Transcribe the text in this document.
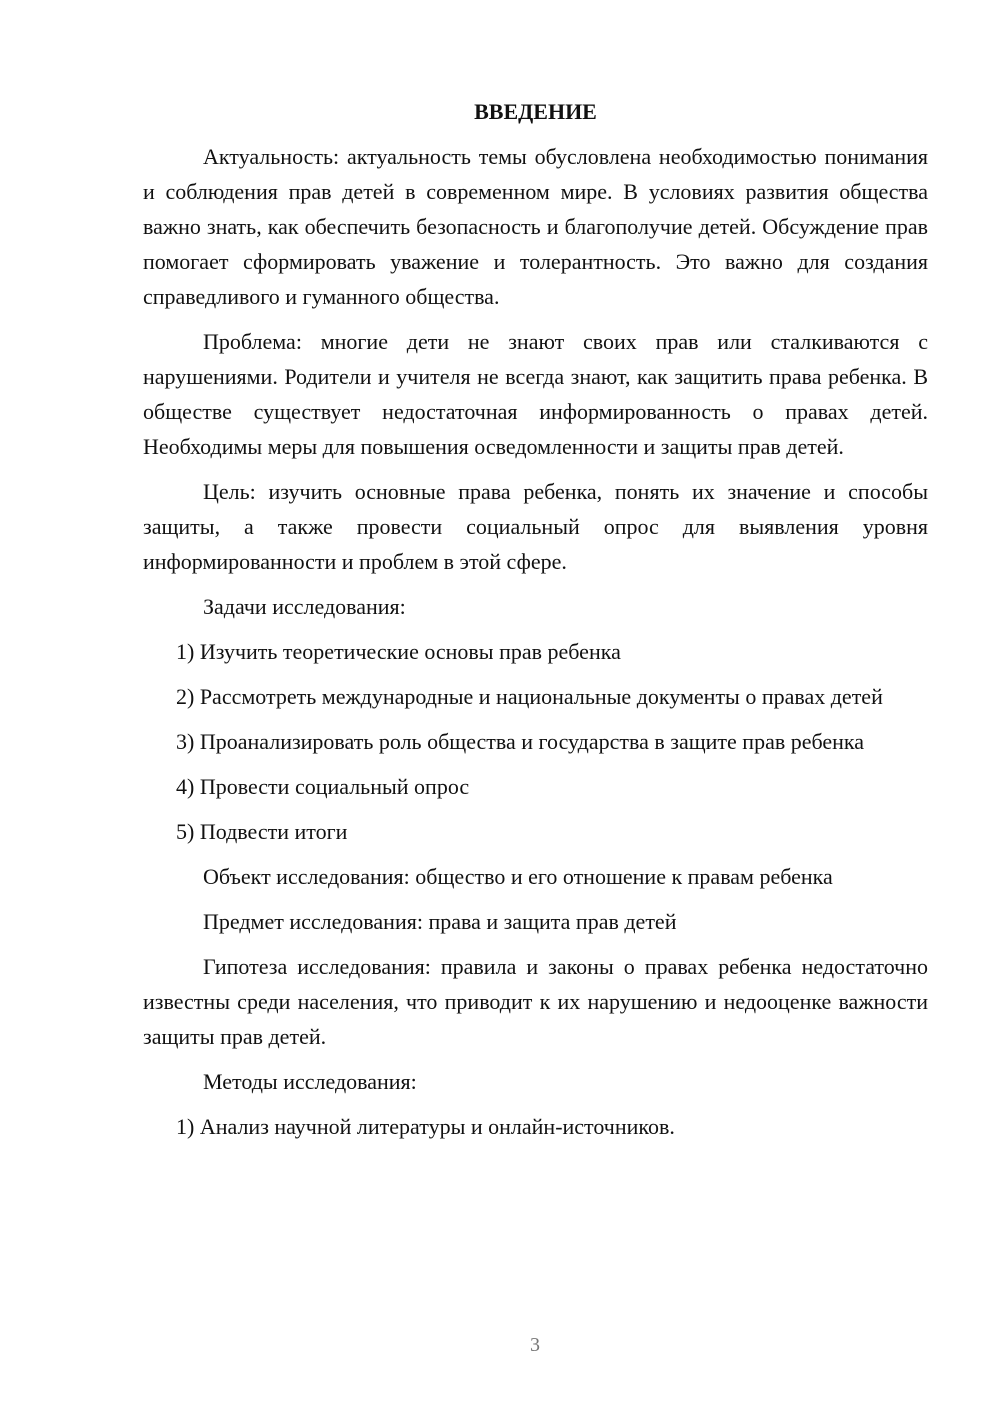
ВВЕДЕНИЕ

Актуальность: актуальность темы обусловлена необходимостью понимания и соблюдения прав детей в современном мире. В условиях развития общества важно знать, как обеспечить безопасность и благополучие детей. Обсуждение прав помогает сформировать уважение и толерантность. Это важно для создания справедливого и гуманного общества.

Проблема: многие дети не знают своих прав или сталкиваются с нарушениями. Родители и учителя не всегда знают, как защитить права ребенка. В обществе существует недостаточная информированность о правах детей. Необходимы меры для повышения осведомленности и защиты прав детей.

Цель: изучить основные права ребенка, понять их значение и способы защиты, а также провести социальный опрос для выявления уровня информированности и проблем в этой сфере.

Задачи исследования:

1) Изучить теоретические основы прав ребенка

2) Рассмотреть международные и национальные документы о правах детей

3) Проанализировать роль общества и государства в защите прав ребенка

4) Провести социальный опрос

5) Подвести итоги

Объект исследования: общество и его отношение к правам ребенка

Предмет исследования: права и защита прав детей

Гипотеза исследования: правила и законы о правах ребенка недостаточно известны среди населения, что приводит к их нарушению и недооценке важности защиты прав детей.

Методы исследования:

1) Анализ научной литературы и онлайн-источников.

3
